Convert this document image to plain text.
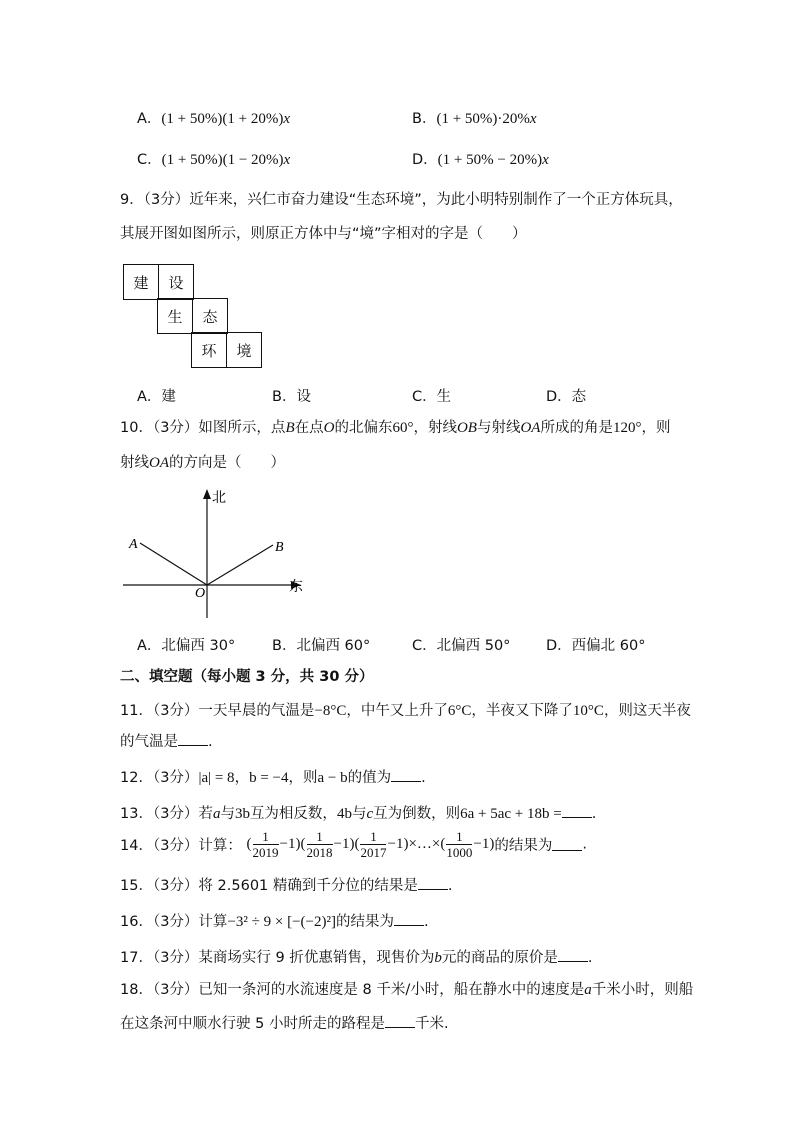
A．(1 + 50%)(1 + 20%)x	B．(1 + 50%)·20%x
C．(1 + 50%)(1 − 20%)x	D．(1 + 50% − 20%)x
9．（3分）近年来，兴仁市奋力建设“生态环境”，为此小明特别制作了一个正方体玩具，
其展开图如图所示，则原正方体中与“境”字相对的字是（　　）
建	设
生	态
环	境
A．建	B．设	C．生	D．态
10．（3分）如图所示，点B在点O的北偏东60°，射线OB与射线OA所成的角是120°，则
射线OA的方向是（　　）
北
东
A	B
O
A．北偏西 30°	B．北偏西 60°	C．北偏西 50° D．西偏北 60°
二、填空题（每小题 3 分，共 30 分）
11．（3分）一天早晨的气温是−8°C，中午又上升了6°C，半夜又下降了10°C，则这天半夜
的气温是 .
12．（3分）|a| = 8，b = −4，则a − b的值为 .
13．（3分）若a与3b互为相反数，4b与c互为倒数，则6a + 5ac + 18b = .
14．（3分）计算： ( $\frac{1}{2019} -1)( \frac{1}{2018} -1)( \frac{1}{2017}$ −1)×…×( $\frac{1}{1000} -1$)的结果为 .
15．（3分）将 2.5601 精确到千分位的结果是 .
16．（3分）计算−3² ÷ 9 × [−(−2)²]的结果为 .
17．（3分）某商场实行 9 折优惠销售，现售价为b元的商品的原价是 .
18．（3分）已知一条河的水流速度是 8 千米/小时，船在静水中的速度是a千米小时，则船
在这条河中顺水行驶 5 小时所走的路程是 千米.
